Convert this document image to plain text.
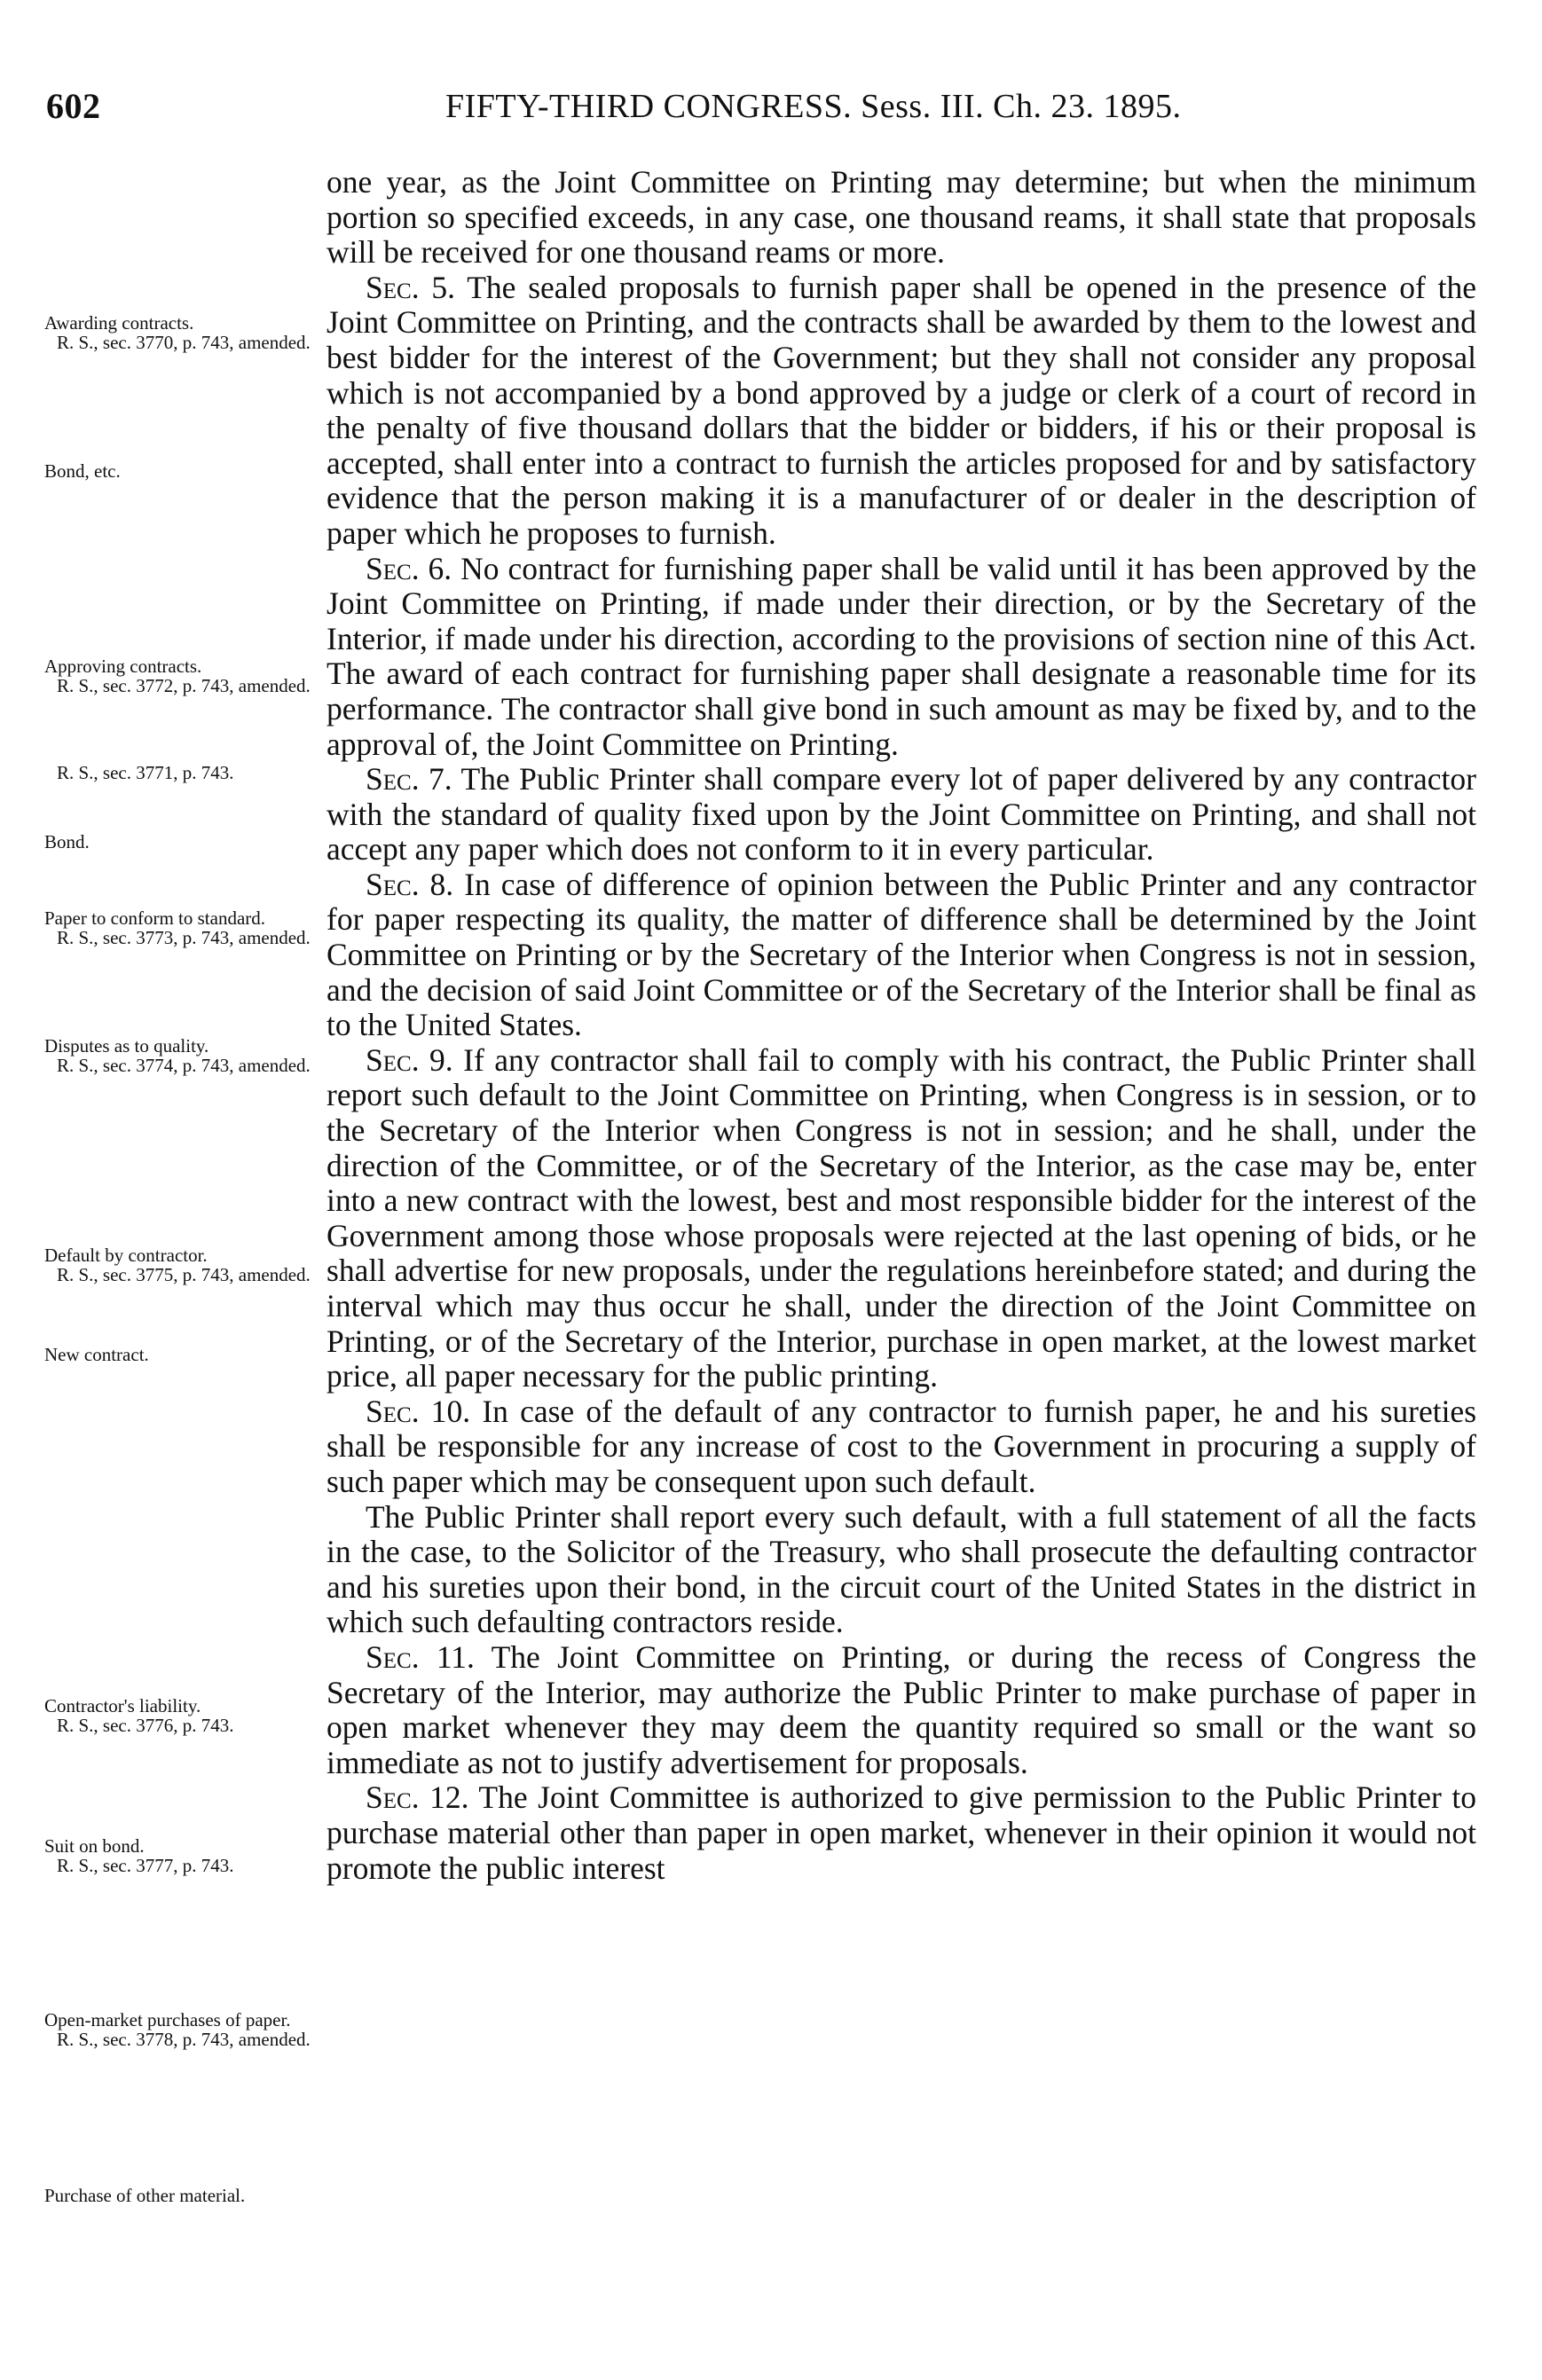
602	FIFTY-THIRD CONGRESS. Sess. III. Ch. 23. 1895.
Awarding contracts.
R. S., sec. 3770, p. 743, amended.
Bond, etc.
Approving contracts.
R. S., sec. 3772, p. 743, amended.
R. S., sec. 3771, p. 743.
Bond.
Paper to conform to standard.
R. S., sec. 3773, p. 743, amended.
Disputes as to quality.
R. S., sec. 3774, p. 743, amended.
Default by contractor.
R. S., sec. 3775, p. 743, amended.
New contract.
Contractor's liability.
R. S., sec. 3776, p. 743.
Suit on bond.
R. S., sec. 3777, p. 743.
Open-market purchases of paper.
R. S., sec. 3778, p. 743, amended.
Purchase of other material.

one year, as the Joint Committee on Printing may determine; but when the minimum portion so specified exceeds, in any case, one thousand reams, it shall state that proposals will be received for one thousand reams or more.

Sec. 5. The sealed proposals to furnish paper shall be opened in the presence of the Joint Committee on Printing, and the contracts shall be awarded by them to the lowest and best bidder for the interest of the Government; but they shall not consider any proposal which is not accompanied by a bond approved by a judge or clerk of a court of record in the penalty of five thousand dollars that the bidder or bidders, if his or their proposal is accepted, shall enter into a contract to furnish the articles proposed for and by satisfactory evidence that the person making it is a manufacturer of or dealer in the description of paper which he proposes to furnish.

Sec. 6. No contract for furnishing paper shall be valid until it has been approved by the Joint Committee on Printing, if made under their direction, or by the Secretary of the Interior, if made under his direction, according to the provisions of section nine of this Act. The award of each contract for furnishing paper shall designate a reasonable time for its performance. The contractor shall give bond in such amount as may be fixed by, and to the approval of, the Joint Committee on Printing.

Sec. 7. The Public Printer shall compare every lot of paper delivered by any contractor with the standard of quality fixed upon by the Joint Committee on Printing, and shall not accept any paper which does not conform to it in every particular.

Sec. 8. In case of difference of opinion between the Public Printer and any contractor for paper respecting its quality, the matter of difference shall be determined by the Joint Committee on Printing or by the Secretary of the Interior when Congress is not in session, and the decision of said Joint Committee or of the Secretary of the Interior shall be final as to the United States.

Sec. 9. If any contractor shall fail to comply with his contract, the Public Printer shall report such default to the Joint Committee on Printing, when Congress is in session, or to the Secretary of the Interior when Congress is not in session; and he shall, under the direction of the Committee, or of the Secretary of the Interior, as the case may be, enter into a new contract with the lowest, best and most responsible bidder for the interest of the Government among those whose proposals were rejected at the last opening of bids, or he shall advertise for new proposals, under the regulations hereinbefore stated; and during the interval which may thus occur he shall, under the direction of the Joint Committee on Printing, or of the Secretary of the Interior, purchase in open market, at the lowest market price, all paper necessary for the public printing.

Sec. 10. In case of the default of any contractor to furnish paper, he and his sureties shall be responsible for any increase of cost to the Government in procuring a supply of such paper which may be consequent upon such default.

The Public Printer shall report every such default, with a full statement of all the facts in the case, to the Solicitor of the Treasury, who shall prosecute the defaulting contractor and his sureties upon their bond, in the circuit court of the United States in the district in which such defaulting contractors reside.

Sec. 11. The Joint Committee on Printing, or during the recess of Congress the Secretary of the Interior, may authorize the Public Printer to make purchase of paper in open market whenever they may deem the quantity required so small or the want so immediate as not to justify advertisement for proposals.

Sec. 12. The Joint Committee is authorized to give permission to the Public Printer to purchase material other than paper in open market, whenever in their opinion it would not promote the public interest
